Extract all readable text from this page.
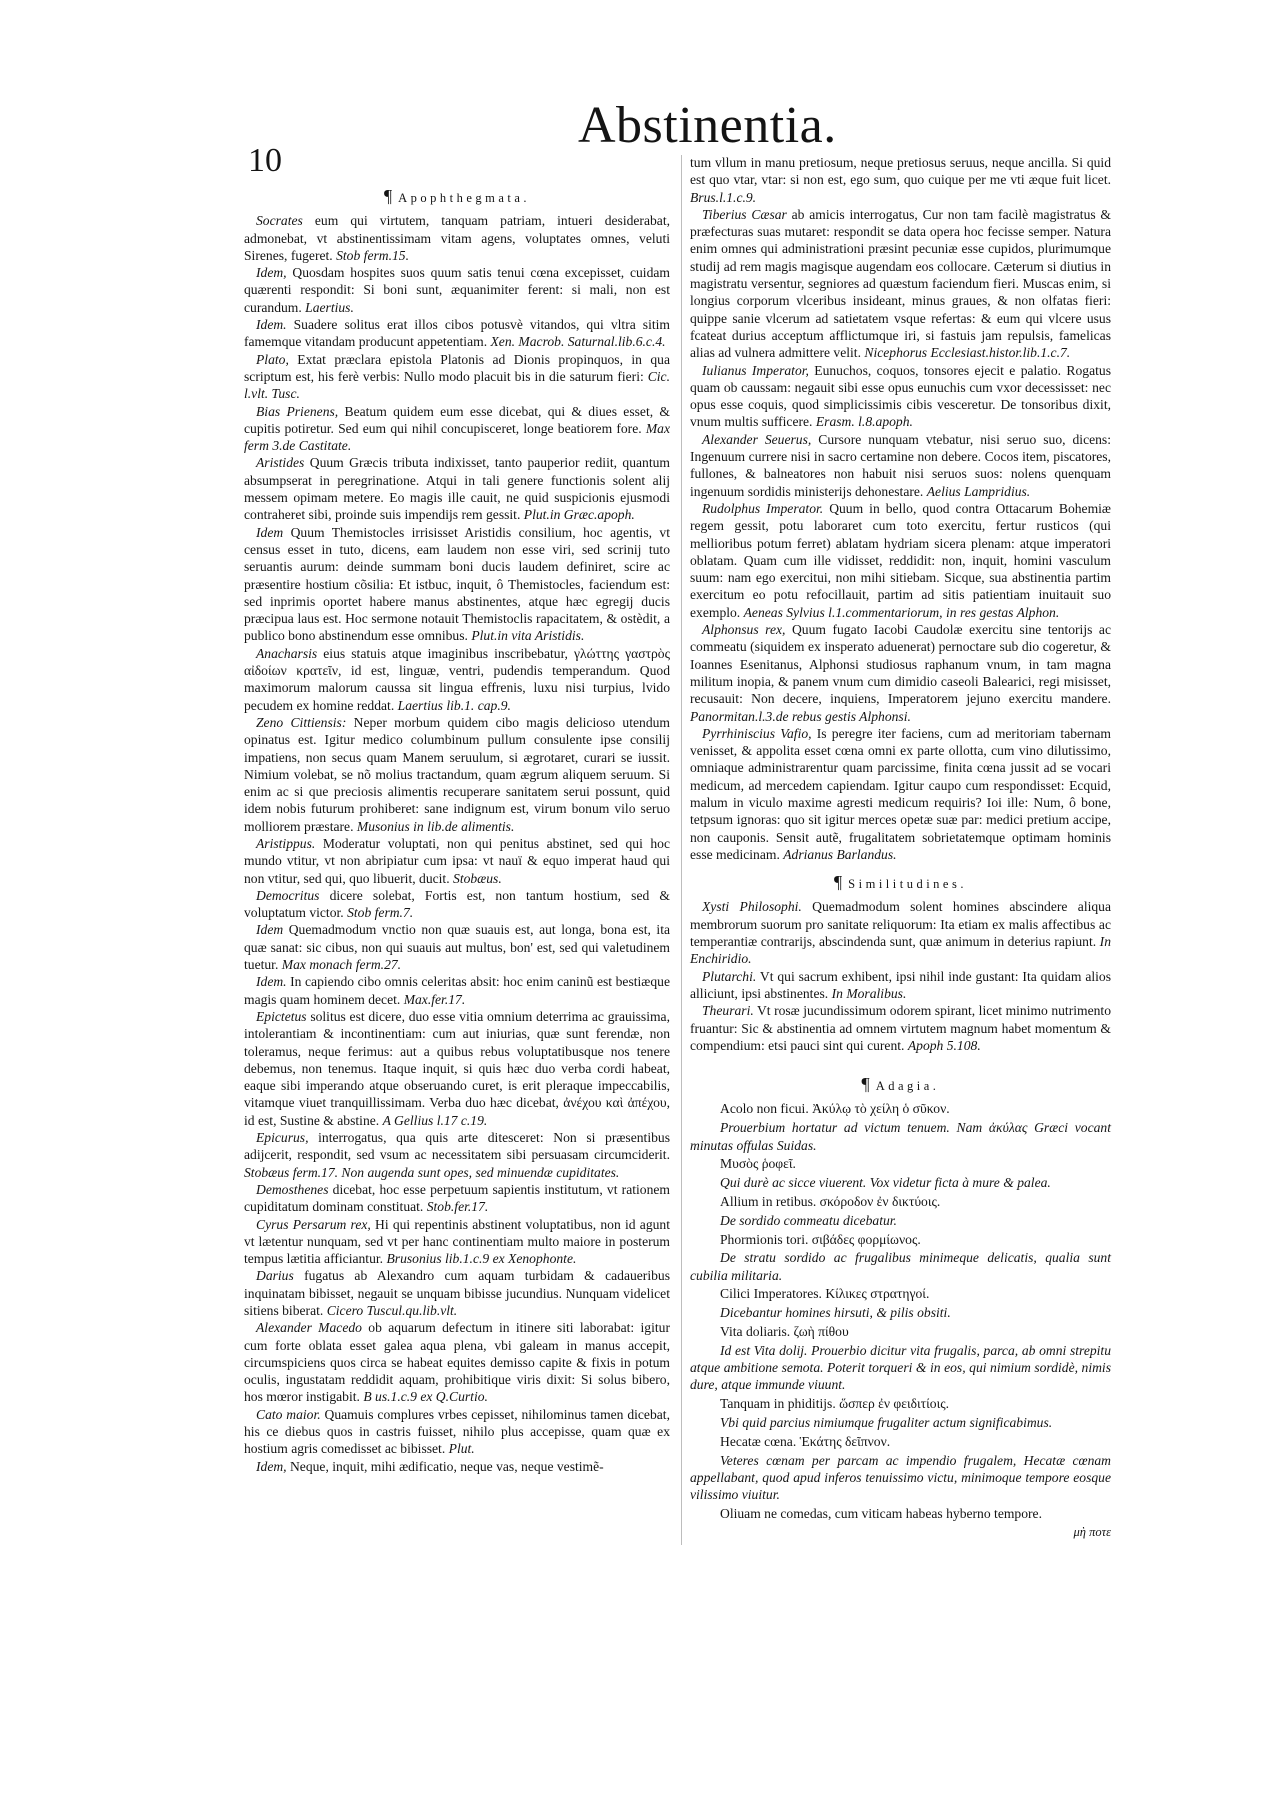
10
Abstinentia.
¶ Apophthegmata.

Socrates eum qui virtutem, tanquam patriam, intueri desiderabat, admonebat, vt abstinentissimam vitam agens, voluptates omnes, veluti Sirenes, fugeret. Stob ferm.15.

Idem, Quosdam hospites suos quum satis tenui cœna excepisset, cuidam quærenti respondit: Si boni sunt, æquanimiter ferent: si mali, non est curandum. Laertius.

Idem. Suadere solitus erat illos cibos potusvè vitandos, qui vltra sitim famemque vitandam producunt appetentiam. Xen. Macrob. Saturnal.lib.6.c.4.

Plato, Extat præclara epistola Platonis ad Dionis propinquos, in qua scriptum est, his ferè verbis: Nullo modo placuit bis in die saturum fieri: Cic. l.vlt. Tusc.

Bias Prienens, Beatum quidem eum esse dicebat, qui & diues esset, & cupitis potiretur. Sed eum qui nihil concupisceret, longe beatiorem fore. Max ferm 3.de Castitate.

Aristides Quum Græcis tributa indixisset, tanto pauperior rediit, quantum absumpserat in peregrinatione. Atqui in tali genere functionis solent alij messem opimam metere. Eo magis ille cauit, ne quid suspicionis ejusmodi contraheret sibi, proinde suis impendijs rem gessit. Plut.in Græc.apoph.

Idem Quum Themistocles irrisisset Aristidis consilium, hoc agentis, vt census esset in tuto, dicens, eam laudem non esse viri, sed scrinij tuto seruantis aurum: deinde summam boni ducis laudem definiret, scire ac præsentire hostium cõsilia: Et istbuc, inquit, ô Themistocles, faciendum est: sed inprimis oportet habere manus abstinentes, atque hæc egregij ducis præcipua laus est. Hoc sermone notauit Themistoclis rapacitatem, & ostèdit, a publico bono abstinendum esse omnibus. Plut.in vita Aristidis.

Anacharsis eius statuis atque imaginibus inscribebatur, γλώττης γαστρὸς αἰδοίων κρατεῖν, id est, linguæ, ventri, pudendis temperandum. Quod maximorum malorum caussa sit lingua effrenis, luxu nisi turpius, lvido pecudem ex homine reddat. Laertius lib.1. cap.9.

Zeno Cittiensis: Neper morbum quidem cibo magis delicioso utendum opinatus est. Igitur medico columbinum pullum consulente ipse consilij impatiens, non secus quam Manem seruulum, si ægrotaret, curari se iussit. Nimium volebat, se nõ molius tractandum, quam ægrum aliquem seruum. Si enim ac si que preciosis alimentis recuperare sanitatem serui possunt, quid idem nobis futurum prohiberet: sane indignum est, virum bonum vilo seruo molliorem præstare. Musonius in lib.de alimentis.

Aristippus. Moderatur voluptati, non qui penitus abstinet, sed qui hoc mundo vtitur, vt non abripiatur cum ipsa: vt nauï & equo imperat haud qui non vtitur, sed qui, quo libuerit, ducit. Stobæus.

Democritus dicere solebat, Fortis est, non tantum hostium, sed & voluptatum victor. Stob ferm.7.

Idem Quemadmodum vnctio non quæ suauis est, aut longa, bona est, ita quæ sanat: sic cibus, non qui suauis aut multus, bon' est, sed qui valetudinem tuetur. Max monach ferm.27.

Idem. In capiendo cibo omnis celeritas absit: hoc enim caninũ est bestiæque magis quam hominem decet. Max.fer.17.

Epictetus solitus est dicere, duo esse vitia omnium deterrima ac grauissima, intolerantiam & incontinentiam: cum aut iniurias, quæ sunt ferendæ, non toleramus, neque ferimus: aut a quibus rebus voluptatibusque nos tenere debemus, non tenemus. Itaque inquit, si quis hæc duo verba cordi habeat, eaque sibi imperando atque obseruando curet, is erit pleraque impeccabilis, vitamque viuet tranquillissimam. Verba duo hæc dicebat, ἀνέχου καὶ ἀπέχου, id est, Sustine & abstine. A Gellius l.17 c.19.

Epicurus, interrogatus, qua quis arte ditesceret: Non si præsentibus adijcerit, respondit, sed vsum ac necessitatem sibi persuasam circumciderit. Stobæus ferm.17. Non augenda sunt opes, sed minuendæ cupiditates.

Demosthenes dicebat, hoc esse perpetuum sapientis institutum, vt rationem cupiditatum dominam constituat. Stob.fer.17.

Cyrus Persarum rex, Hi qui repentinis abstinent voluptatibus, non id agunt vt lætentur nunquam, sed vt per hanc continentiam multo maiore in posterum tempus lætitia afficiantur. Brusonius lib.1.c.9 ex Xenophonte.

Darius fugatus ab Alexandro cum aquam turbidam & cadaueribus inquinatam bibisset, negauit se unquam bibisse jucundius. Nunquam videlicet sitiens biberat. Cicero Tuscul.qu.lib.vlt.

Alexander Macedo ob aquarum defectum in itinere siti laborabat: igitur cum forte oblata esset galea aqua plena, vbi galeam in manus accepit, circumspiciens quos circa se habeat equites demisso capite & fixis in potum oculis, ingustatam reddidit aquam, prohibitique viris dixit: Si solus bibero, hos mœror instigabit. B us.1.c.9 ex Q.Curtio.

Cato maior. Quamuis complures vrbes cepisset, nihilominus tamen dicebat, his ce diebus quos in castris fuisset, nihilo plus accepisse, quam quæ ex hostium agris comedisset ac bibisset. Plut.

Idem, Neque, inquit, mihi ædificatio, neque vas, neque vestimẽ-

tum vllum in manu pretiosum, neque pretiosus seruus, neque ancilla. Si quid est quo vtar, vtar: si non est, ego sum, quo cuique per me vti æque fuit licet. Brus.l.1.c.9.

Tiberius Cæsar ab amicis interrogatus, Cur non tam facilè magistratus & præfecturas suas mutaret: respondit se data opera hoc fecisse semper. Natura enim omnes qui administrationi præsint pecuniæ esse cupidos, plurimumque studij ad rem magis magisque augendam eos collocare. Cæterum si diutius in magistratu versentur, segniores ad quæstum faciendum fieri. Muscas enim, si longius corporum vlceribus insideant, minus graues, & non olfatas fieri: quippe sanie vlcerum ad satietatem vsque refertas: & eum qui vlcere usus fcateat durius acceptum afflictumque iri, si fastuis jam repulsis, famelicas alias ad vulnera admittere velit. Nicephorus Ecclesiast.histor.lib.1.c.7.

Iulianus Imperator, Eunuchos, coquos, tonsores ejecit e palatio. Rogatus quam ob caussam: negauit sibi esse opus eunuchis cum vxor decessisset: nec opus esse coquis, quod simplicissimis cibis vesceretur. De tonsoribus dixit, vnum multis sufficere. Erasm. l.8.apoph.

Alexander Seuerus, Cursore nunquam vtebatur, nisi seruo suo, dicens: Ingenuum currere nisi in sacro certamine non debere. Cocos item, piscatores, fullones, & balneatores non habuit nisi seruos suos: nolens quenquam ingenuum sordidis ministerijs dehonestare. Aelius Lampridius.

Rudolphus Imperator. Quum in bello, quod contra Ottacarum Bohemiæ regem gessit, potu laboraret cum toto exercitu, fertur rusticos (qui mellioribus potum ferret) ablatam hydriam sicera plenam: atque imperatori oblatam. Quam cum ille vidisset, reddidit: non, inquit, homini vasculum suum: nam ego exercitui, non mihi sitiebam. Sicque, sua abstinentia partim exercitum eo potu refocillauit, partim ad sitis patientiam inuitauit suo exemplo. Aeneas Sylvius l.1.commentariorum, in res gestas Alphon.

Alphonsus rex, Quum fugato Iacobi Caudolæ exercitu sine tentorijs ac commeatu (siquidem ex insperato aduenerat) pernoctare sub dio cogeretur, & Ioannes Esenitanus, Alphonsi studiosus raphanum vnum, in tam magna militum inopia, & panem vnum cum dimidio caseoli Balearici, regi misisset, recusauit: Non decere, inquiens, Imperatorem jejuno exercitu mandere. Panormitan.l.3.de rebus gestis Alphonsi.

Pyrrhiniscius Vafio, Is peregre iter faciens, cum ad meritoriam tabernam venisset, & appolita esset cœna omni ex parte ollotta, cum vino dilutissimo, omniaque administrarentur quam parcissime, finita cœna jussit ad se vocari medicum, ad mercedem capiendam. Igitur caupo cum respondisset: Ecquid, malum in viculo maxime agresti medicum requiris? Ioi ille: Num, ô bone, tetpsum ignoras: quo sit igitur merces opetæ suæ par: medici pretium accipe, non cauponis. Sensit autẽ, frugalitatem sobrietatemque optimam hominis esse medicinam. Adrianus Barlandus.

¶ Similitudines.

Xysti Philosophi. Quemadmodum solent homines abscindere aliqua membrorum suorum pro sanitate reliquorum: Ita etiam ex malis affectibus ac temperantiæ contrarijs, abscindenda sunt, quæ animum in deterius rapiunt. In Enchiridio.

Plutarchi. Vt qui sacrum exhibent, ipsi nihil inde gustant: Ita quidam alios alliciunt, ipsi abstinentes. In Moralibus.

Theurari. Vt rosæ jucundissimum odorem spirant, licet minimo nutrimento fruantur: Sic & abstinentia ad omnem virtutem magnum habet momentum & compendium: etsi pauci sint qui curent. Apoph 5.108.

¶ Adagia.

Acolo non ficui. Ἀκύλῳ τὸ χείλη ὁ σῦκον.

Prouerbium hortatur ad victum tenuem. Nam ἀκύλας Græci vocant minutas offulas Suidas.

Μυσὸς ῥοφεῖ.

Qui durè ac sicce viuerent. Vox videtur ficta à mure & palea.

Allium in retibus. σκόροδον ἐν δικτύοις.

De sordido commeatu dicebatur.

Phormionis tori. σιβάδες φορμίωνος.

De stratu sordido ac frugalibus minimeque delicatis, qualia sunt cubilia militaria.

Cilici Imperatores. Κίλικες στρατηγοί.

Dicebantur homines hirsuti, & pilis obsiti.

Vita doliaris. ζωὴ πίθου

Id est Vita dolij. Prouerbio dicitur vita frugalis, parca, ab omni strepitu atque ambitione semota. Poterit torqueri & in eos, qui nimium sordidè, nimis dure, atque immunde viuunt.

Tanquam in phiditijs. ὥσπερ ἐν φειδιτίοις.

Vbi quid parcius nimiumque frugaliter actum significabimus.

Hecatæ cœna. Ἑκάτης δεῖπνον.

Veteres cœnam per parcam ac impendio frugalem, Hecatæ cœnam appellabant, quod apud inferos tenuissimo victu, minimoque tempore eosque vilissimo viuitur.

Oliuam ne comedas, cum viticam habeas hyberno tempore.

μὴ ποτε
